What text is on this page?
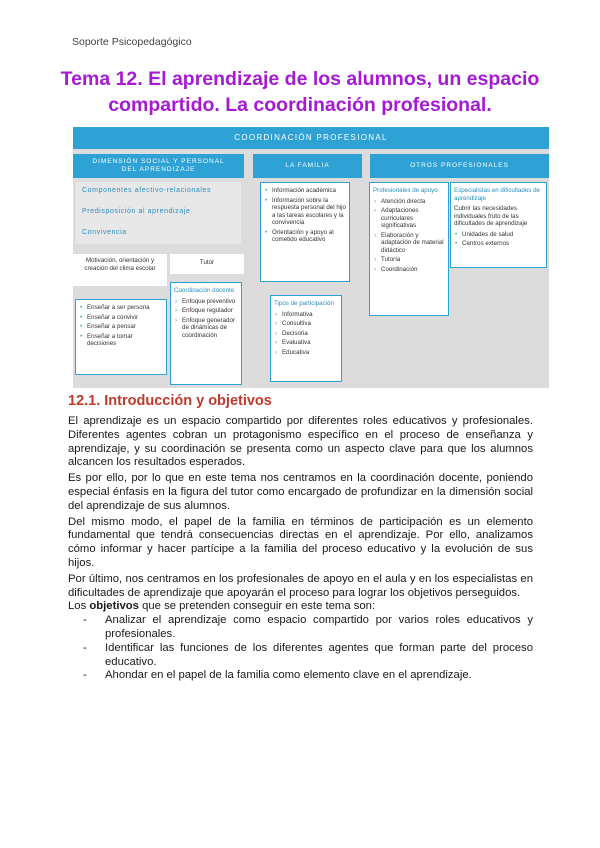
Soporte Psicopedagógico
Tema 12. El aprendizaje de los alumnos, un espacio
compartido. La coordinación profesional.
COORDINACIÓN PROFESIONAL
DIMENSIÓN SOCIAL Y PERSONAL
DEL APRENDIZAJE
Componentes afectivo-relacionales
Predisposición al aprendizaje
Convivencia
Motivación, orientación y creación del clima escolar
Tutor
• Enseñar a ser persona
• Enseñar a convivir
• Enseñar a pensar
• Enseñar a tomar decisiones
Coordinación docente
› Enfoque preventivo
› Enfoque regulador
› Enfoque generador de dinámicas de coordinación
LA FAMILIA
• Información académica
• Información sobre la respuesta personal del hijo a las tareas escolares y la convivencia
• Orientación y apoyo al cometido educativo
Tipos de participación
› Informativa
› Consultiva
› Decisoria
› Evaluativa
› Educativa
OTROS PROFESIONALES
Profesionales de apoyo
› Atención directa
› Adaptaciones curriculares significativas
› Elaboración y adaptación de material didáctico
› Tutoría
› Coordinación
Especialistas en dificultades de aprendizaje
Cubrir las necesidades individuales fruto de las dificultades de aprendizaje
• Unidades de salud
• Centros externos
12.1. Introducción y objetivos

El aprendizaje es un espacio compartido por diferentes roles educativos y profesionales. Diferentes agentes cobran un protagonismo específico en el proceso de enseñanza y aprendizaje, y su coordinación se presenta como un aspecto clave para que los alumnos alcancen los resultados esperados.

Es por ello, por lo que en este tema nos centramos en la coordinación docente, poniendo especial énfasis en la figura del tutor como encargado de profundizar en la dimensión social del aprendizaje de sus alumnos.

Del mismo modo, el papel de la familia en términos de participación es un elemento fundamental que tendrá consecuencias directas en el aprendizaje. Por ello, analizamos cómo informar y hacer partícipe a la familia del proceso educativo y la evolución de sus hijos.

Por último, nos centramos en los profesionales de apoyo en el aula y en los especialistas en dificultades de aprendizaje que apoyarán el proceso para lograr los objetivos perseguidos.

Los objetivos que se pretenden conseguir en este tema son:

- Analizar el aprendizaje como espacio compartido por varios roles educativos y profesionales.
- Identificar las funciones de los diferentes agentes que forman parte del proceso educativo.
- Ahondar en el papel de la familia como elemento clave en el aprendizaje.
